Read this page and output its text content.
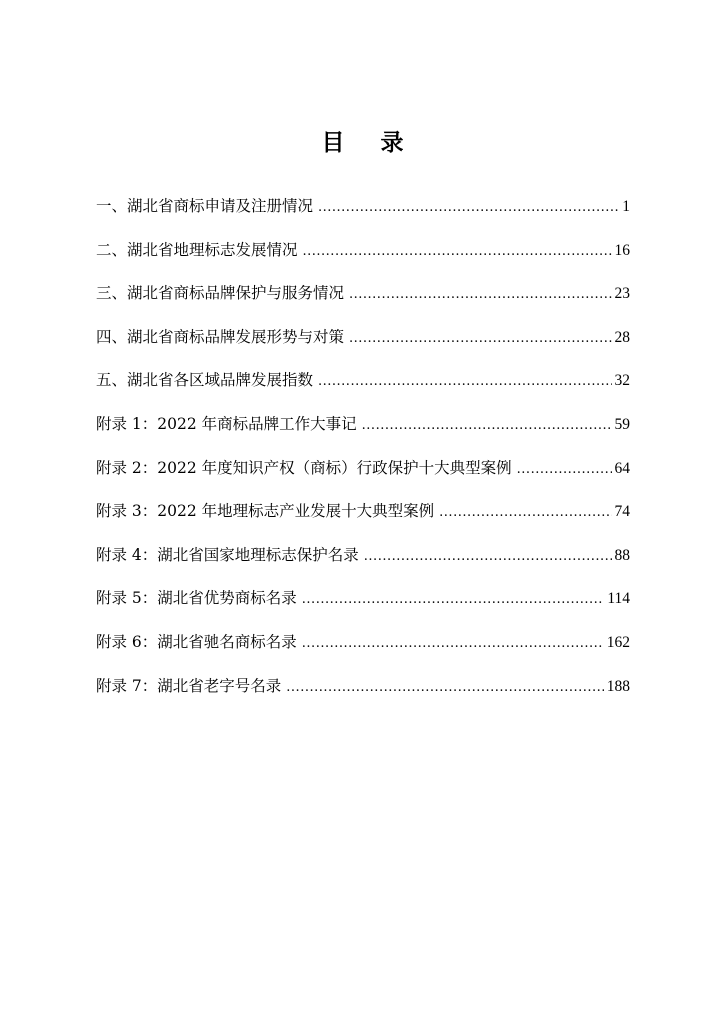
目 录
一、湖北省商标申请及注册情况 .....	1
二、湖北省地理标志发展情况 .....	16
三、湖北省商标品牌保护与服务情况 .....	23
四、湖北省商标品牌发展形势与对策 .....	28
五、湖北省各区域品牌发展指数 .....	32
附录 1：2022 年商标品牌工作大事记 .....	59
附录 2：2022 年度知识产权（商标）行政保护十大典型案例 .....	64
附录 3：2022 年地理标志产业发展十大典型案例 .....	74
附录 4：湖北省国家地理标志保护名录 .....	88
附录 5：湖北省优势商标名录 .....	114
附录 6：湖北省驰名商标名录 .....	162
附录 7：湖北省老字号名录 .....	188
